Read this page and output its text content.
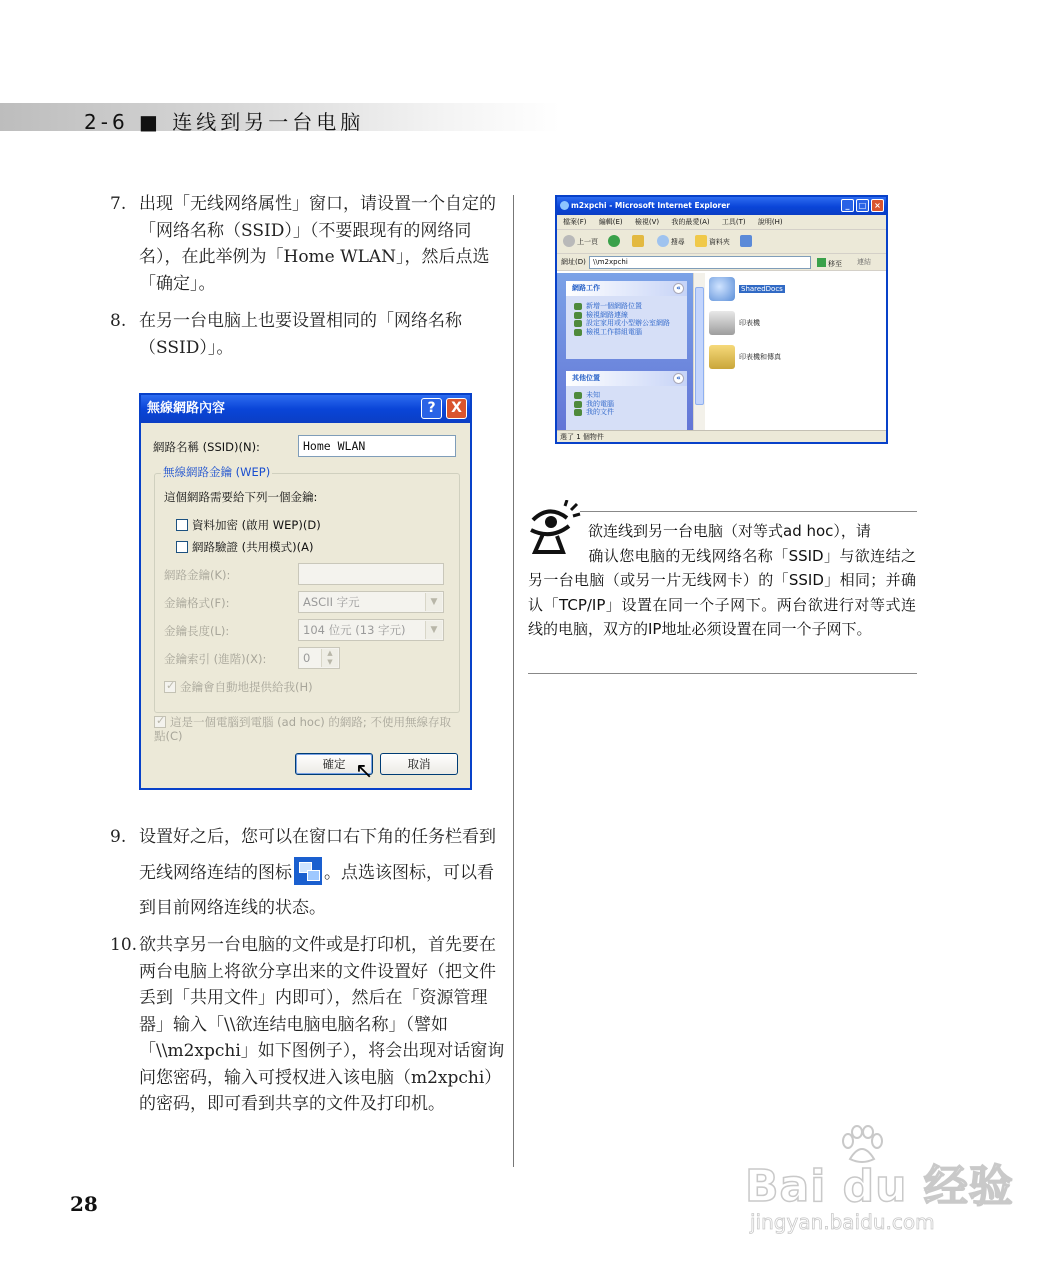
2-6 ■ 连线到另一台电脑
7. 出现「无线网络属性」窗口，请设置一个自定的「网络名称（SSID）」（不要跟现有的网络同名），在此举例为「Home WLAN」，然后点选「确定」。
8. 在另一台电脑上也要设置相同的「网络名称（SSID）」。
無線網路內容	?	X
網路名稱 (SSID)(N):	Home WLAN
無線網路金鑰 (WEP)
這個網路需要給下列一個金鑰:
資料加密 (啟用 WEP)(D)
網路驗證 (共用模式)(A)
網路金鑰(K):
金鑰格式(F):	ASCII 字元	▼
金鑰長度(L):	104 位元 (13 字元)	▼
金鑰索引 (進階)(X):	0	▲
▼
✓金鑰會自動地提供給我(H)
✓這是一個電腦到電腦 (ad hoc) 的網路; 不使用無線存取點(C)
確定	取消
↖
9. 设置好之后，您可以在窗口右下角的任务栏看到无线网络连结的图标 。点选该图标，可以看到目前网络连线的状态。
10. 欲共享另一台电脑的文件或是打印机，首先要在两台电脑上将欲分享出来的文件设置好（把文件丢到「共用文件」内即可），然后在「资源管理器」输入「\\欲连结电脑电脑名称」（譬如「\\m2xpchi」如下图例子），将会出现对话窗询问您密码，输入可授权进入该电脑（m2xpchi）的密码，即可看到共享的文件及打印机。
m2xpchi - Microsoft Internet Explorer	_	□ ×
檔案(F) 編輯(E) 檢視(V) 我的最愛(A) 工具(T) 說明(H)
上一頁	搜尋	資料夾
網址(D)	\\m2xpchi	移至 連結
網路工作	«
新增一個網路位置
檢視網路連線
設定家用或小型辦公室網路
檢視工作群組電腦
其他位置	«
未知
我的電腦
我的文件
SharedDocs
印表機
印表機和傳真
選了 1 個物件
欲连线到另一台电脑（对等式ad hoc），请
确认您电脑的无线网络名称「SSID」与欲连结之另一台电脑（或另一片无线网卡）的「SSID」相同；并确认「TCP/IP」设置在同一个子网下。两台欲进行对等式连线的电脑，双方的IP地址必须设置在同一个子网下。
28	Bai du 经验
jingyan.baidu.com
